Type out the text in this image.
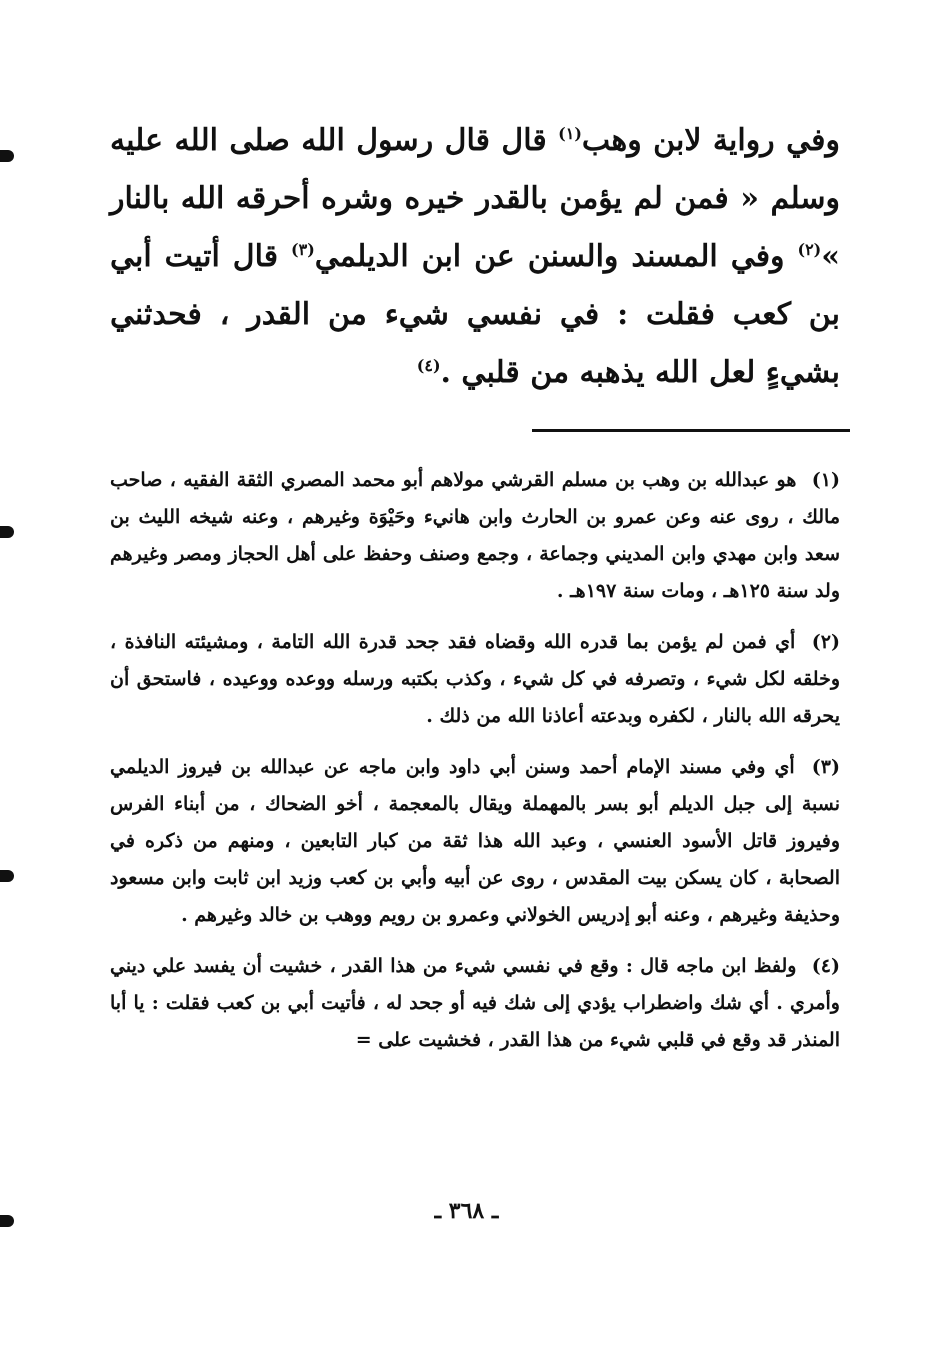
وفي رواية لابن وهب$^{(١)}$ قال قال رسول الله صلى الله عليه وسلم « فمن لم يؤمن بالقدر خيره وشره أحرقه الله بالنار »$^{(٢)}$ وفي المسند والسنن عن ابن الديلمي$^{(٣)}$ قال أتيت أبي بن كعب فقلت : في نفسي شيء من القدر ، فحدثني بشيءٍ لعل الله يذهبه من قلبي .$^{(٤)}$

(١) هو عبدالله بن وهب بن مسلم القرشي مولاهم أبو محمد المصري الثقة الفقيه ، صاحب مالك ، روى عنه وعن عمرو بن الحارث وابن هانيء وحَيْوَة وغيرهم ، وعنه شيخه الليث بن سعد وابن مهدي وابن المديني وجماعة ، وجمع وصنف وحفظ على أهل الحجاز ومصر وغيرهم ولد سنة ١٢٥هـ ، ومات سنة ١٩٧هـ .

(٢) أي فمن لم يؤمن بما قدره الله وقضاه فقد جحد قدرة الله التامة ، ومشيئته النافذة ، وخلقه لكل شيء ، وتصرفه في كل شيء ، وكذب بكتبه ورسله ووعده ووعيده ، فاستحق أن يحرقه الله بالنار ، لكفره وبدعته أعاذنا الله من ذلك .

(٣) أي وفي مسند الإمام أحمد وسنن أبي داود وابن ماجه عن عبدالله بن فيروز الديلمي نسبة إلى جبل الديلم أبو بسر بالمهملة ويقال بالمعجمة ، أخو الضحاك ، من أبناء الفرس وفيروز قاتل الأسود العنسي ، وعبد الله هذا ثقة من كبار التابعين ، ومنهم من ذكره في الصحابة ، كان يسكن بيت المقدس ، روى عن أبيه وأبي بن كعب وزيد ابن ثابت وابن مسعود وحذيفة وغيرهم ، وعنه أبو إدريس الخولاني وعمرو بن رويم ووهب بن خالد وغيرهم .

(٤) ولفظ ابن ماجه قال : وقع في نفسي شيء من هذا القدر ، خشيت أن يفسد علي ديني وأمري . أي شك واضطراب يؤدي إلى شك فيه أو جحد له ، فأتيت أبي بن كعب فقلت : يا أبا المنذر قد وقع في قلبي شيء من هذا القدر ، فخشيت على =

ـ ٣٦٨ ـ
